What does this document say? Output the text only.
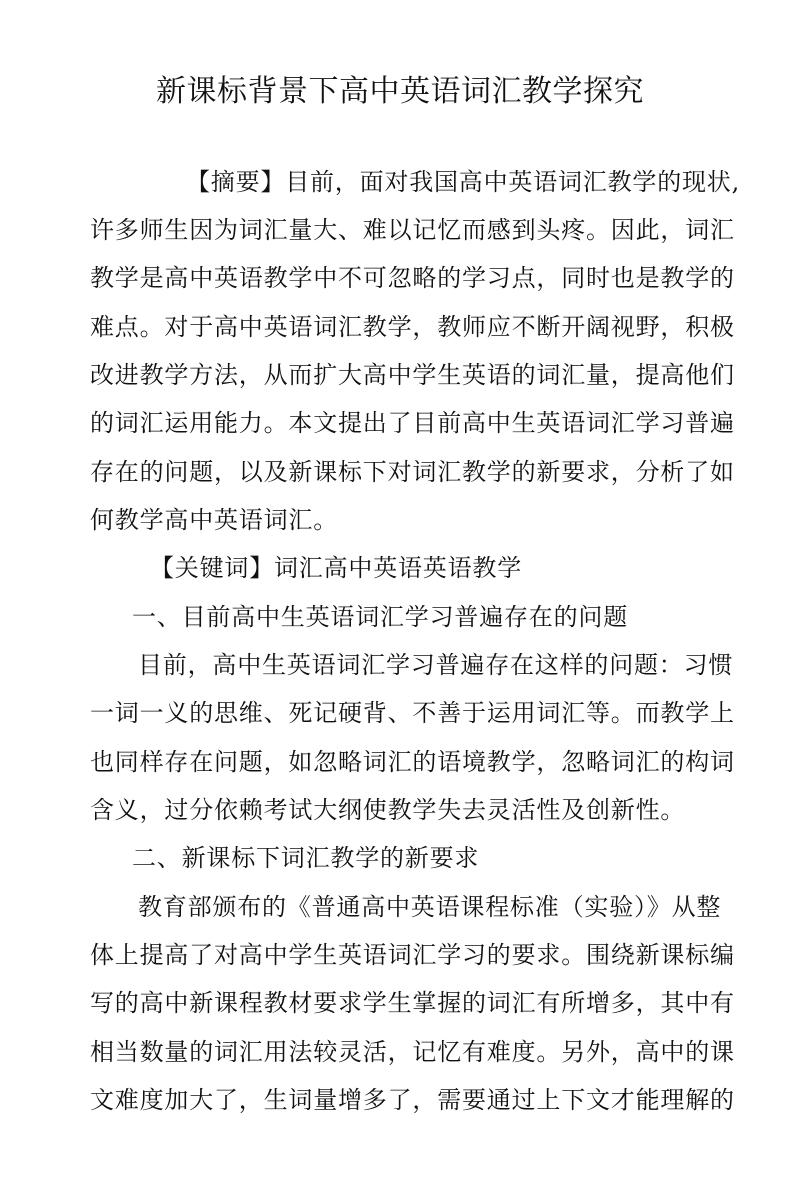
新课标背景下高中英语词汇教学探究

【摘要】目前，面对我国高中英语词汇教学的现状,

许多师生因为词汇量大、难以记忆而感到头疼。因此，词汇

教学是高中英语教学中不可忽略的学习点，同时也是教学的

难点。对于高中英语词汇教学，教师应不断开阔视野，积极

改进教学方法，从而扩大高中学生英语的词汇量，提高他们

的词汇运用能力。本文提出了目前高中生英语词汇学习普遍

存在的问题，以及新课标下对词汇教学的新要求，分析了如

何教学高中英语词汇。

【关键词】词汇高中英语英语教学

一、目前高中生英语词汇学习普遍存在的问题

目前，高中生英语词汇学习普遍存在这样的问题：习惯

一词一义的思维、死记硬背、不善于运用词汇等。而教学上

也同样存在问题，如忽略词汇的语境教学，忽略词汇的构词

含义，过分依赖考试大纲使教学失去灵活性及创新性。

二、新课标下词汇教学的新要求

教育部颁布的《普通高中英语课程标准（实验）》从整

体上提高了对高中学生英语词汇学习的要求。围绕新课标编

写的高中新课程教材要求学生掌握的词汇有所增多，其中有

相当数量的词汇用法较灵活，记忆有难度。另外，高中的课

文难度加大了，生词量增多了，需要通过上下文才能理解的
